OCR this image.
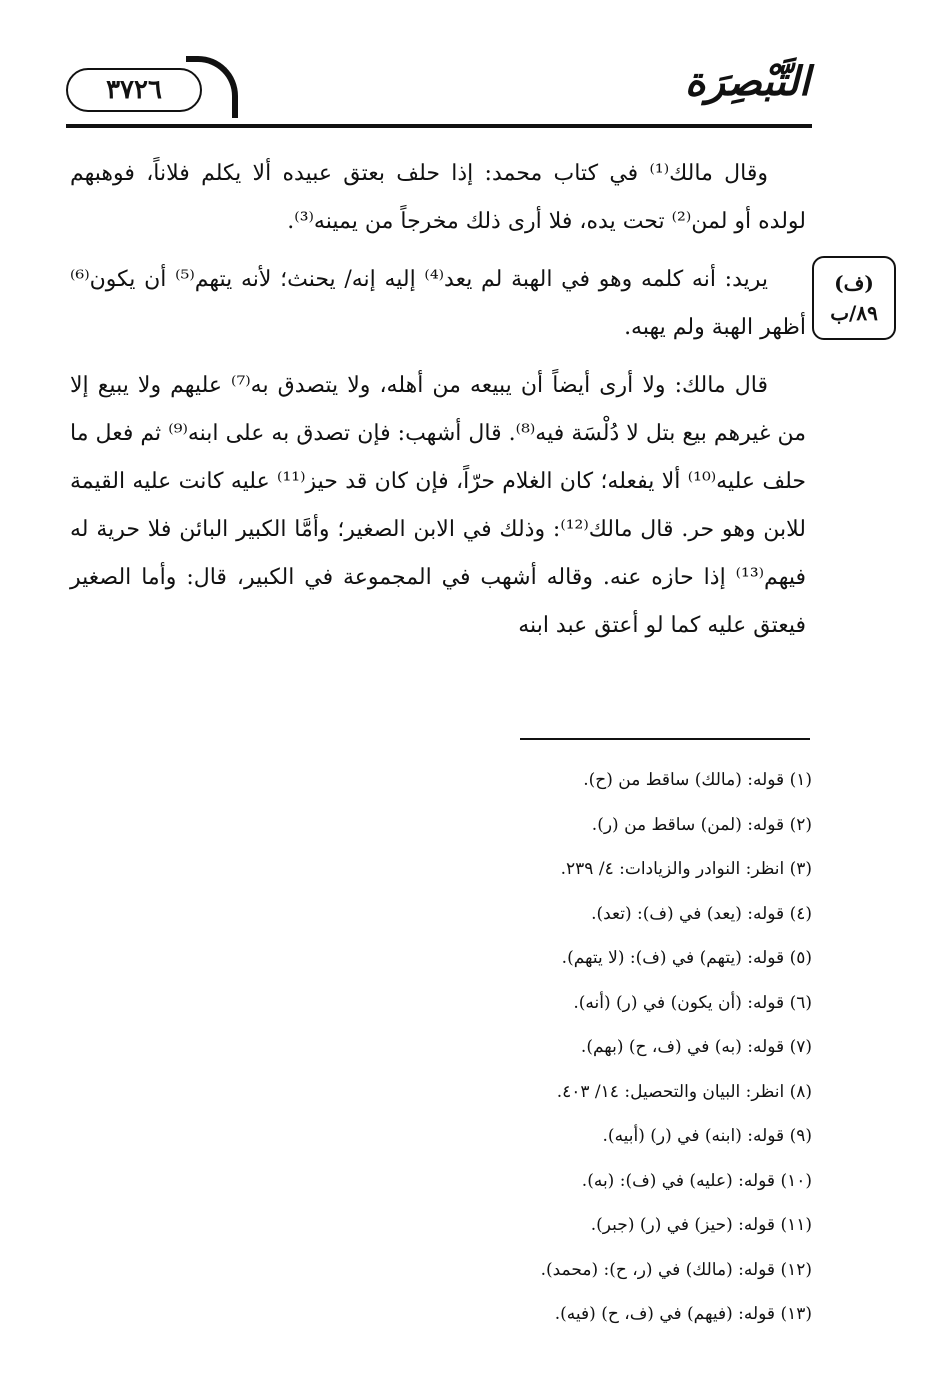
٣٧٢٦	التَّبْصِرَة
(ف)
٨٩/ب

وقال مالك⁽¹⁾ في كتاب محمد: إذا حلف بعتق عبيده ألا يكلم فلاناً، فوهبهم لولده أو لمن⁽²⁾ تحت يده، فلا أرى ذلك مخرجاً من يمينه⁽³⁾.

يريد: أنه كلمه وهو في الهبة لم يعد⁽⁴⁾ إليه إنه/ يحنث؛ لأنه يتهم⁽⁵⁾ أن يكون⁽⁶⁾ أظهر الهبة ولم يهبه.

قال مالك: ولا أرى أيضاً أن يبيعه من أهله، ولا يتصدق به⁽⁷⁾ عليهم ولا يبيع إلا من غيرهم بيع بتل لا دُلْسَة فيه⁽⁸⁾. قال أشهب: فإن تصدق به على ابنه⁽⁹⁾ ثم فعل ما حلف عليه⁽¹⁰⁾ ألا يفعله؛ كان الغلام حرّاً، فإن كان قد حيز⁽¹¹⁾ عليه كانت عليه القيمة للابن وهو حر. قال مالك⁽¹²⁾: وذلك في الابن الصغير؛ وأمَّا الكبير البائن فلا حرية له فيهم⁽¹³⁾ إذا حازه عنه. وقاله أشهب في المجموعة في الكبير، قال: وأما الصغير فيعتق عليه كما لو أعتق عبد ابنه

(١) قوله: (مالك) ساقط من (ح).
(٢) قوله: (لمن) ساقط من (ر).
(٣) انظر: النوادر والزيادات: ٤/ ٢٣٩.
(٤) قوله: (يعد) في (ف): (تعد).
(٥) قوله: (يتهم) في (ف): (لا يتهم).
(٦) قوله: (أن يكون) في (ر) (أنه).
(٧) قوله: (به) في (ف، ح) (بهم).
(٨) انظر: البيان والتحصيل: ١٤/ ٤٠٣.
(٩) قوله: (ابنه) في (ر) (أبيه).
(١٠) قوله: (عليه) في (ف): (به).
(١١) قوله: (حيز) في (ر) (جبر).
(١٢) قوله: (مالك) في (ر، ح): (محمد).
(١٣) قوله: (فيهم) في (ف، ح) (فيه).
